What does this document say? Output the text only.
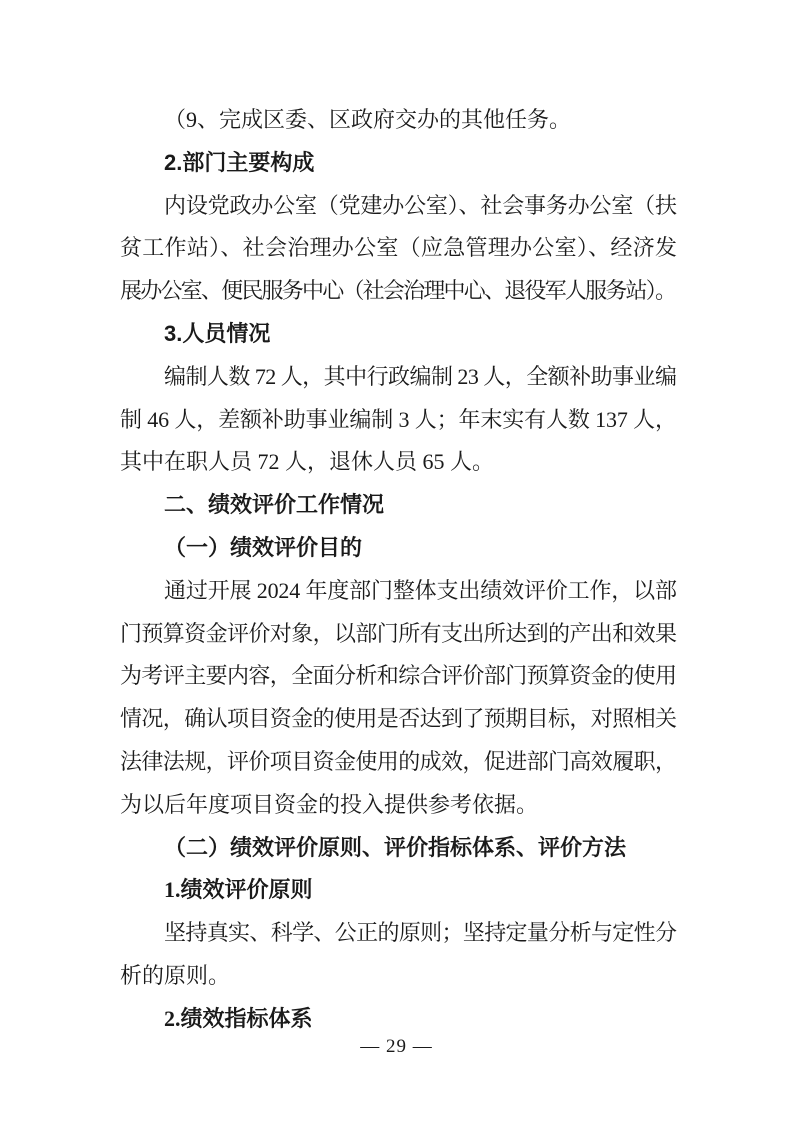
（9、完成区委、区政府交办的其他任务。
2.部门主要构成
内设党政办公室（党建办公室）、社会事务办公室（扶
贫工作站）、社会治理办公室（应急管理办公室）、经济发
展办公室、便民服务中心（社会治理中心、退役军人服务站）。
3.人员情况
编制人数 72 人，其中行政编制 23 人，全额补助事业编
制 46 人，差额补助事业编制 3 人；年末实有人数 137 人，
其中在职人员 72 人，退休人员 65 人。
二、绩效评价工作情况
（一）绩效评价目的
通过开展 2024 年度部门整体支出绩效评价工作，以部
门预算资金评价对象，以部门所有支出所达到的产出和效果
为考评主要内容，全面分析和综合评价部门预算资金的使用
情况，确认项目资金的使用是否达到了预期目标，对照相关
法律法规，评价项目资金使用的成效，促进部门高效履职，
为以后年度项目资金的投入提供参考依据。
（二）绩效评价原则、评价指标体系、评价方法
1.绩效评价原则
坚持真实、科学、公正的原则；坚持定量分析与定性分
析的原则。
2.绩效指标体系
— 29 —
